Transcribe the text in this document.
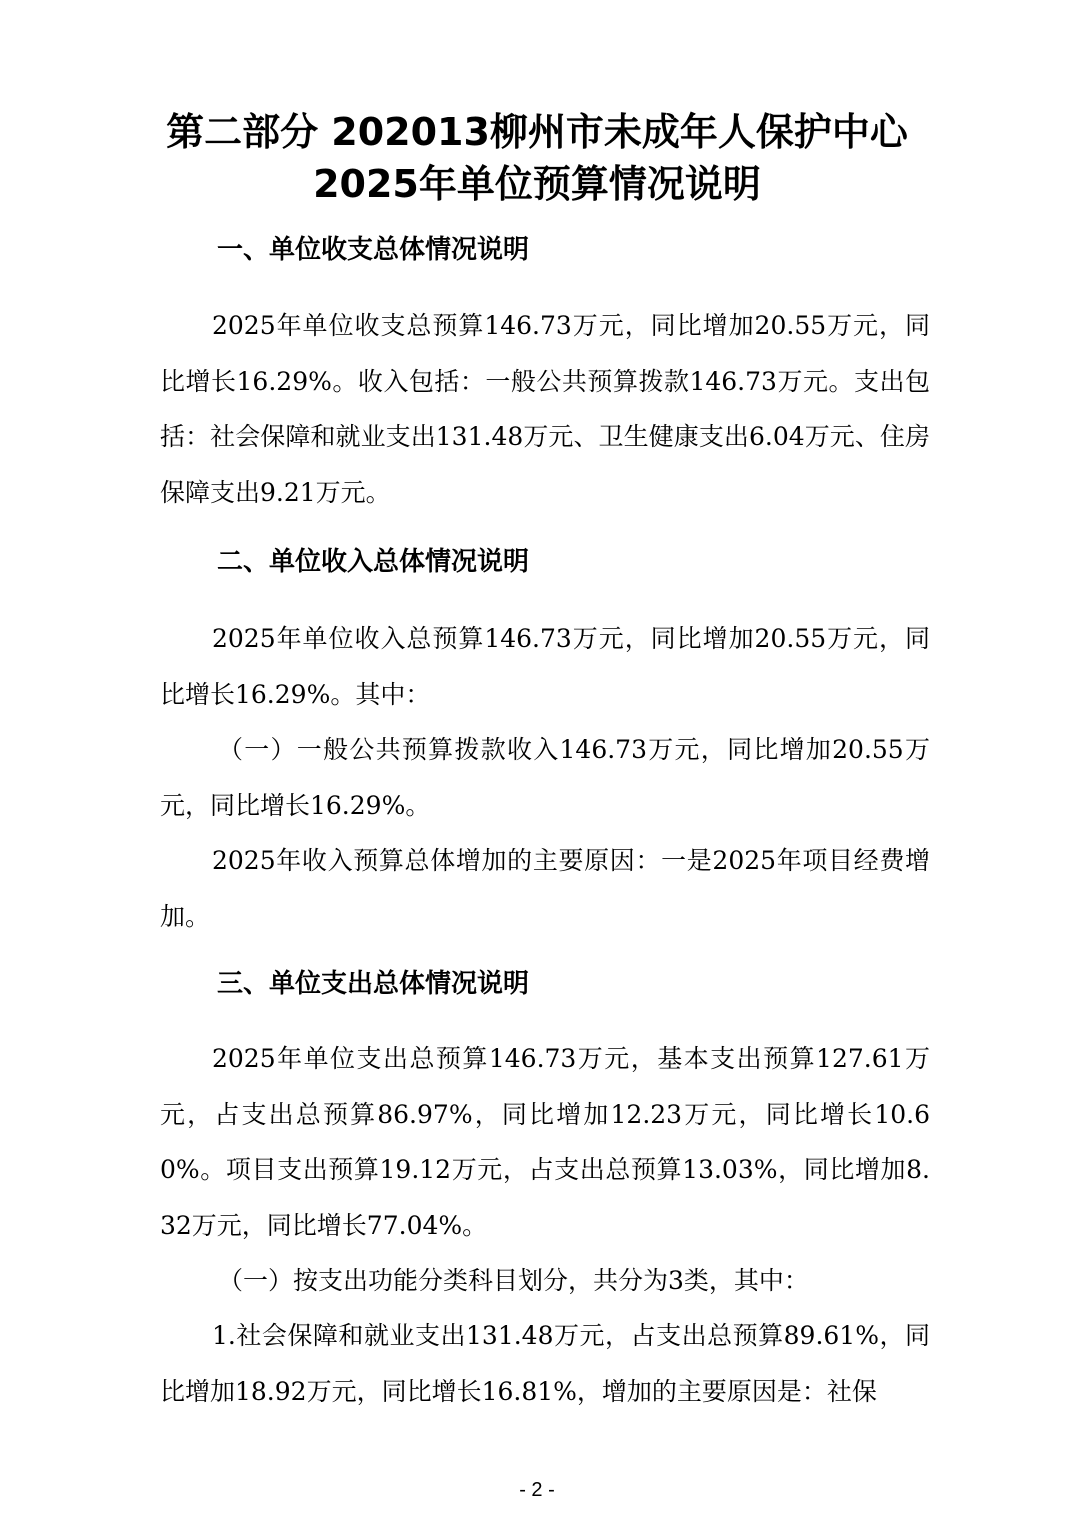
第二部分 202013柳州市未成年人保护中心
2025年单位预算情况说明
一、单位收支总体情况说明

2025年单位收支总预算146.73万元，同比增加20.55万元，同比增长16.29%。收入包括：一般公共预算拨款146.73万元。支出包括：社会保障和就业支出131.48万元、卫生健康支出6.04万元、住房保障支出9.21万元。

二、单位收入总体情况说明

2025年单位收入总预算146.73万元，同比增加20.55万元，同比增长16.29%。其中：

（一）一般公共预算拨款收入146.73万元，同比增加20.55万元，同比增长16.29%。

2025年收入预算总体增加的主要原因：一是2025年项目经费增加。

三、单位支出总体情况说明

2025年单位支出总预算146.73万元，基本支出预算127.61万元，占支出总预算86.97%，同比增加12.23万元，同比增长10.60%。项目支出预算19.12万元，占支出总预算13.03%，同比增加8.32万元，同比增长77.04%。

（一）按支出功能分类科目划分，共分为3类，其中：

1.社会保障和就业支出131.48万元，占支出总预算89.61%，同比增加18.92万元，同比增长16.81%，增加的主要原因是：社保

- 2 -
